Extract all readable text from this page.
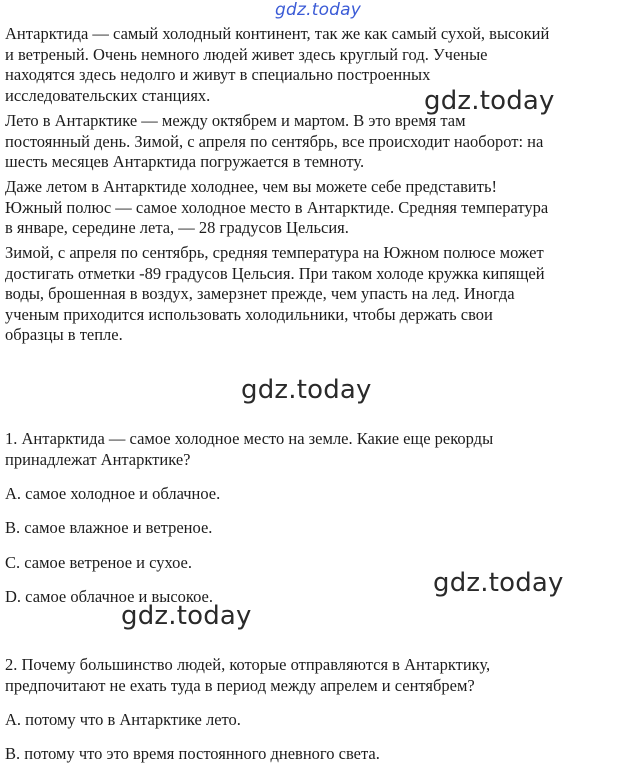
gdz.today
Антарктида — самый холодный континент, так же как самый сухой, высокий
и ветреный. Очень немного людей живет здесь круглый год. Ученые
находятся здесь недолго и живут в специально построенных
исследовательских станциях.
Лето в Антарктике — между октябрем и мартом. В это время там
постоянный день. Зимой, с апреля по сентябрь, все происходит наоборот: на
шесть месяцев Антарктида погружается в темноту.
Даже летом в Антарктиде холоднее, чем вы можете себе представить!
Южный полюс — самое холодное место в Антарктиде. Средняя температура
в январе, середине лета, — 28 градусов Цельсия.
Зимой, с апреля по сентябрь, средняя температура на Южном полюсе может
достигать отметки -89 градусов Цельсия. При таком холоде кружка кипящей
воды, брошенная в воздух, замерзнет прежде, чем упасть на лед. Иногда
ученым приходится использовать холодильники, чтобы держать свои
образцы в тепле.
gdz.today
gdz.today
1. Антарктида — самое холодное место на земле. Какие еще рекорды
принадлежат Антарктике?
A. самое холодное и облачное.
B. самое влажное и ветреное.
C. самое ветреное и сухое.
D. самое облачное и высокое.	gdz.today
gdz.today
2. Почему большинство людей, которые отправляются в Антарктику,
предпочитают не ехать туда в период между апрелем и сентябрем?
A. потому что в Антарктике лето.
B. потому что это время постоянного дневного света.
